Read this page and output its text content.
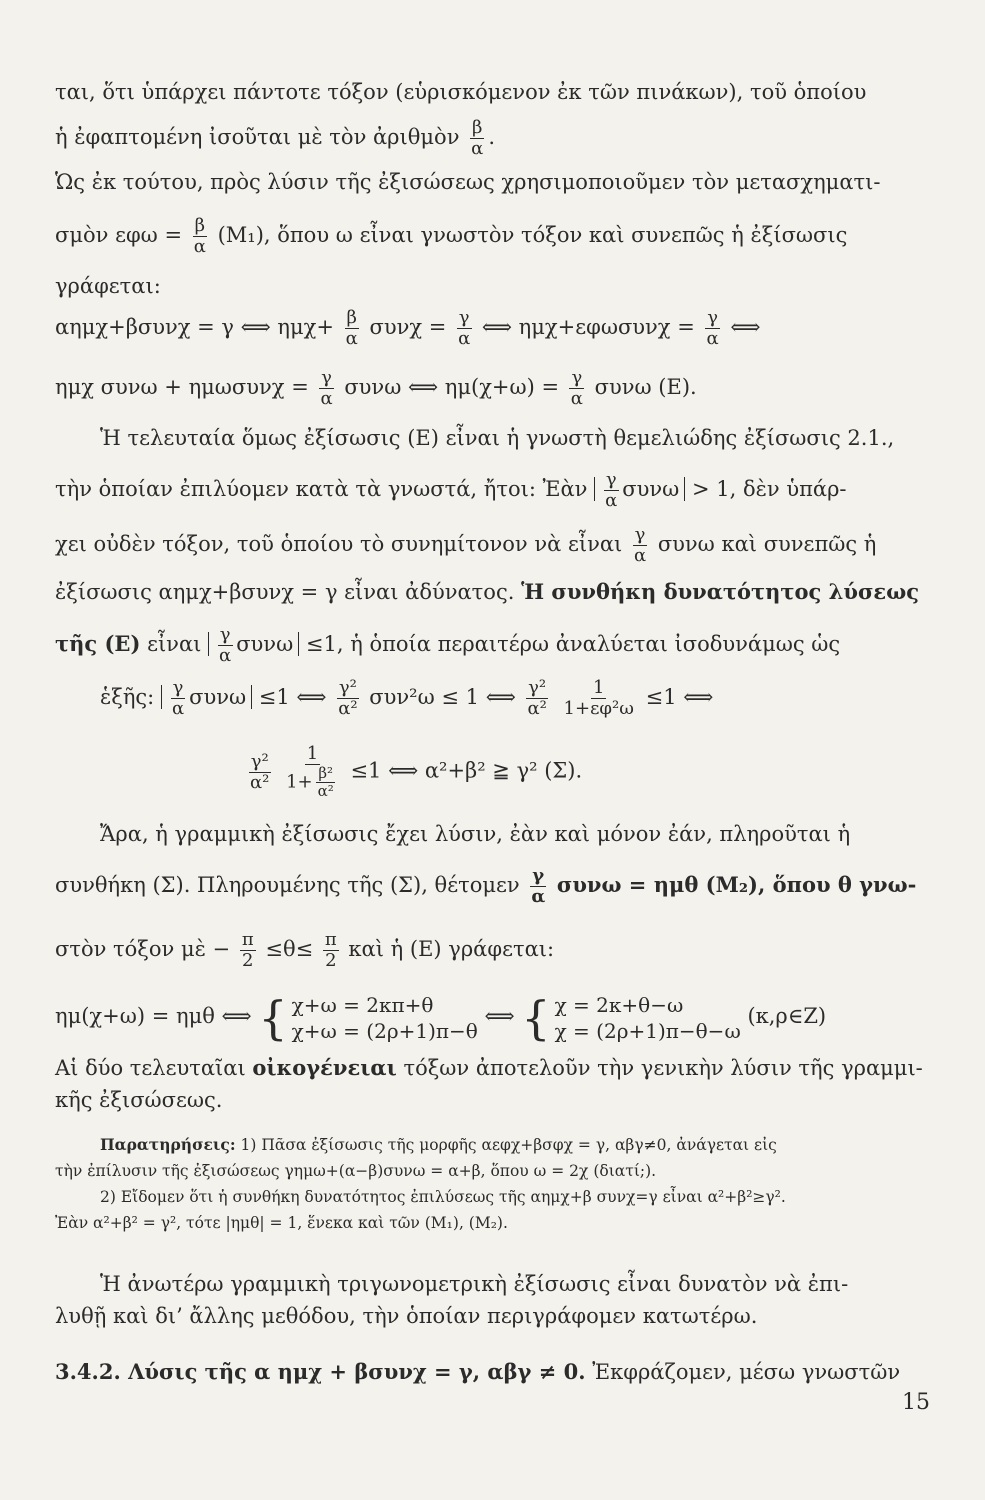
ται, ὅτι ὑπάρχει πάντοτε τόξον (εὑρισκόμενον ἐκ τῶν πινάκων), τοῦ ὁποίου
ἡ ἐφαπτομένη ἰσοῦται μὲ τὸν ἀριθμὸν $\frac{\beta}{\alpha}$ .
Ὡς ἐκ τούτου, πρὸς λύσιν τῆς ἐξισώσεως χρησιμοποιοῦμεν τὸν μετασχηματι-
σμὸν $\varepsilon\varphi\omega = \frac{\beta}{\alpha} (M_1)$, ὅπου ω εἶναι γνωστὸν τόξον καὶ συνεπῶς ἡ ἐξίσωσις
γράφεται:
αημχ+βσυνχ = γ ⟺ $\eta\mu\chi+ \frac{\beta}{\alpha}$ $\sigma\upsilon\nu\chi = \frac{\gamma}{\alpha}$ ⟺ $\eta\mu\chi+\varepsilon\varphi\omega\sigma\upsilon\nu\chi = \frac{\gamma}{\alpha}$ ⟺
ημχ $\sigma\upsilon\nu\omega + \eta\mu\omega\sigma\upsilon\nu\chi = \frac{\gamma}{\alpha}$ συνω ⟺ $\eta\mu(\chi+\omega) = \frac{\gamma}{\alpha}$ συνω (E).
Ἡ τελευταία ὅμως ἐξίσωσις (E) εἶναι ἡ γνωστὴ θεμελιώδης ἐξίσωσις 2.1.,
τὴν ὁποίαν ἐπιλύομεν κατὰ τὰ γνωστά, ἤτοι: Ἐὰν $\frac{\gamma}{\alpha}$ συνω > 1, δὲν ὑπάρ-
χει οὐδὲν τόξον, τοῦ ὁποίου τὸ συνημίτονον νὰ εἶναι $\frac{\gamma}{\alpha}$ συνω καὶ συνεπῶς ἡ
ἐξίσωσις αημχ+βσυνχ = γ εἶναι ἀδύνατος. Ἡ συνθήκη δυνατότητος λύσεως
τῆς (E) εἶναι $\frac{\gamma}{\alpha}$ συνω ≤1, ἡ ὁποία περαιτέρω ἀναλύεται ἰσοδυνάμως ὡς
ἑξῆς: $\frac{\gamma}{\alpha}$ συνω ≤1 ⟺ $\frac{\text{γ²}}{\text{α²}} \sigma\upsilon\nu^2\omega \le 1$ ⟺ $\frac{\text{γ²}}{\text{α²}}$
$\frac{1}{\text{1+εφ²ω}} \le 1$ ⟺
$\frac{\text{γ²}}{\text{α²}}$
$\frac{1}{1+ \frac{\text{β²}}{\text{α²}}} \le 1$ ⟺ α²+β² ≧ γ² (Σ).
Ἄρα, ἡ γραμμικὴ ἐξίσωσις ἔχει λύσιν, ἐὰν καὶ μόνον ἐάν, πληροῦται ἡ
συνθήκη (Σ). Πληρουμένης τῆς (Σ), θέτομεν $\frac{\gamma}{\alpha}$ συνω = ημθ (M₂), ὅπου θ γνω-
στὸν τόξον μὲ − $\frac{\pi}{2} \le\theta\le \frac{\pi}{2}$ καὶ ἡ (E) γράφεται:
ημ(χ+ω) = ημθ ⟺ { χ+ω = 2κπ+θ
χ+ω = (2ρ+1)π−θ
⟺ { χ = 2κ+θ−ω
χ = (2ρ+1)π−θ−ω
(κ,ρ∈Z)
Αἱ δύο τελευταῖαι οἰκογένειαι τόξων ἀποτελοῦν τὴν γενικὴν λύσιν τῆς γραμμι-
κῆς ἐξισώσεως.
Παρατηρήσεις: 1) Πᾶσα ἐξίσωσις τῆς μορφῆς αεφχ+βσφχ = γ, αβγ≠0, ἀνάγεται εἰς
τὴν ἐπίλυσιν τῆς ἐξισώσεως γημω+(α−β)συνω = α+β, ὅπου ω = 2χ (διατί;).
2) Εἴδομεν ὅτι ἡ συνθήκη δυνατότητος ἐπιλύσεως τῆς αημχ+β συνχ=γ εἶναι α²+β²≥γ².
Ἐὰν α²+β² = γ², τότε |ημθ| = 1, ἕνεκα καὶ τῶν (M₁), (M₂).
Ἡ ἀνωτέρω γραμμικὴ τριγωνομετρικὴ ἐξίσωσις εἶναι δυνατὸν νὰ ἐπι-
λυθῇ καὶ δι’ ἄλλης μεθόδου, τὴν ὁποίαν περιγράφομεν κατωτέρω.
3.4.2. Λύσις τῆς α ημχ + βσυνχ = γ, αβγ ≠ 0. Ἐκφράζομεν, μέσω γνωστῶν
15
